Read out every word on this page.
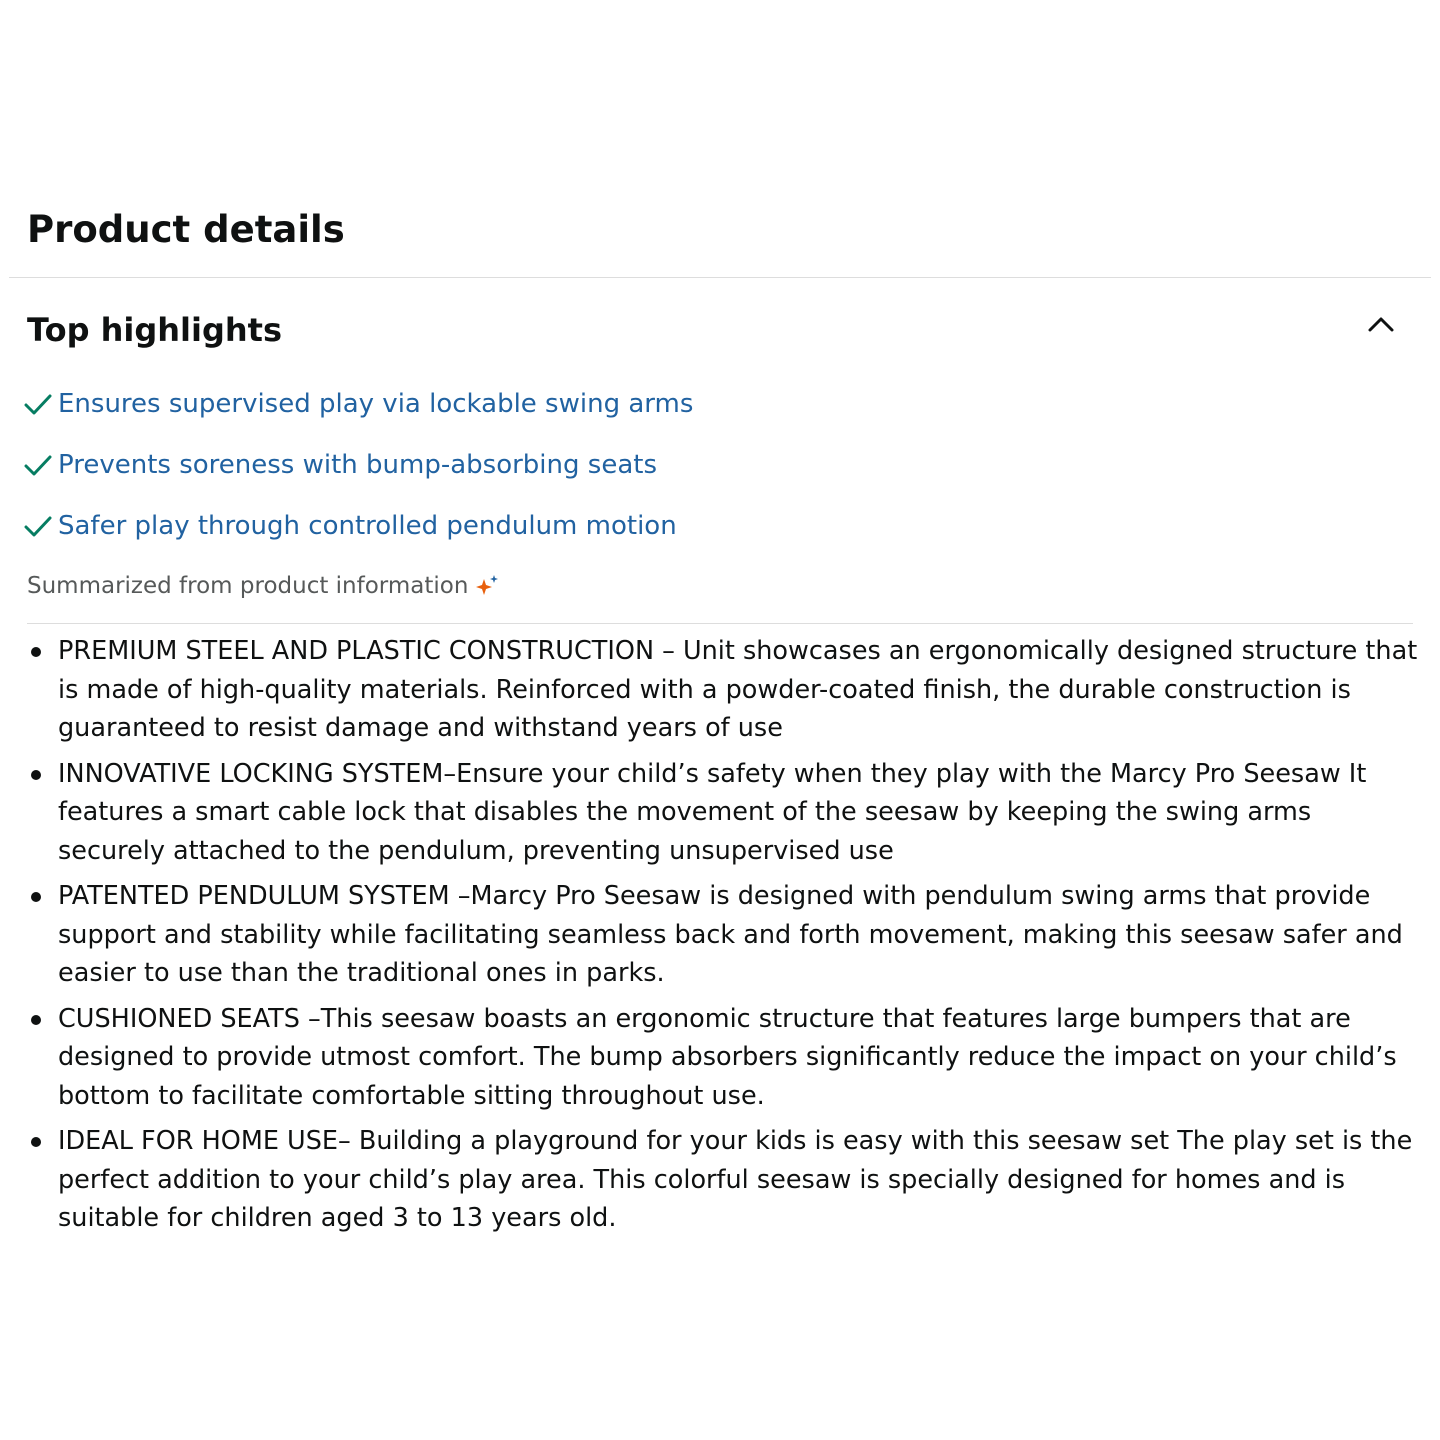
Product details
Top highlights
Ensures supervised play via lockable swing arms
Prevents soreness with bump-absorbing seats
Safer play through controlled pendulum motion
Summarized from product information
PREMIUM STEEL AND PLASTIC CONSTRUCTION – Unit showcases an ergonomically designed structure that is made of high-quality materials. Reinforced with a powder-coated finish, the durable construction is guaranteed to resist damage and withstand years of use
INNOVATIVE LOCKING SYSTEM–Ensure your child’s safety when they play with the Marcy Pro Seesaw It features a smart cable lock that disables the movement of the seesaw by keeping the swing arms securely attached to the pendulum, preventing unsupervised use
PATENTED PENDULUM SYSTEM –Marcy Pro Seesaw is designed with pendulum swing arms that provide support and stability while facilitating seamless back and forth movement, making this seesaw safer and easier to use than the traditional ones in parks.
CUSHIONED SEATS –This seesaw boasts an ergonomic structure that features large bumpers that are designed to provide utmost comfort. The bump absorbers significantly reduce the impact on your child’s bottom to facilitate comfortable sitting throughout use.
IDEAL FOR HOME USE– Building a playground for your kids is easy with this seesaw set The play set is the perfect addition to your child’s play area. This colorful seesaw is specially designed for homes and is suitable for children aged 3 to 13 years old.
